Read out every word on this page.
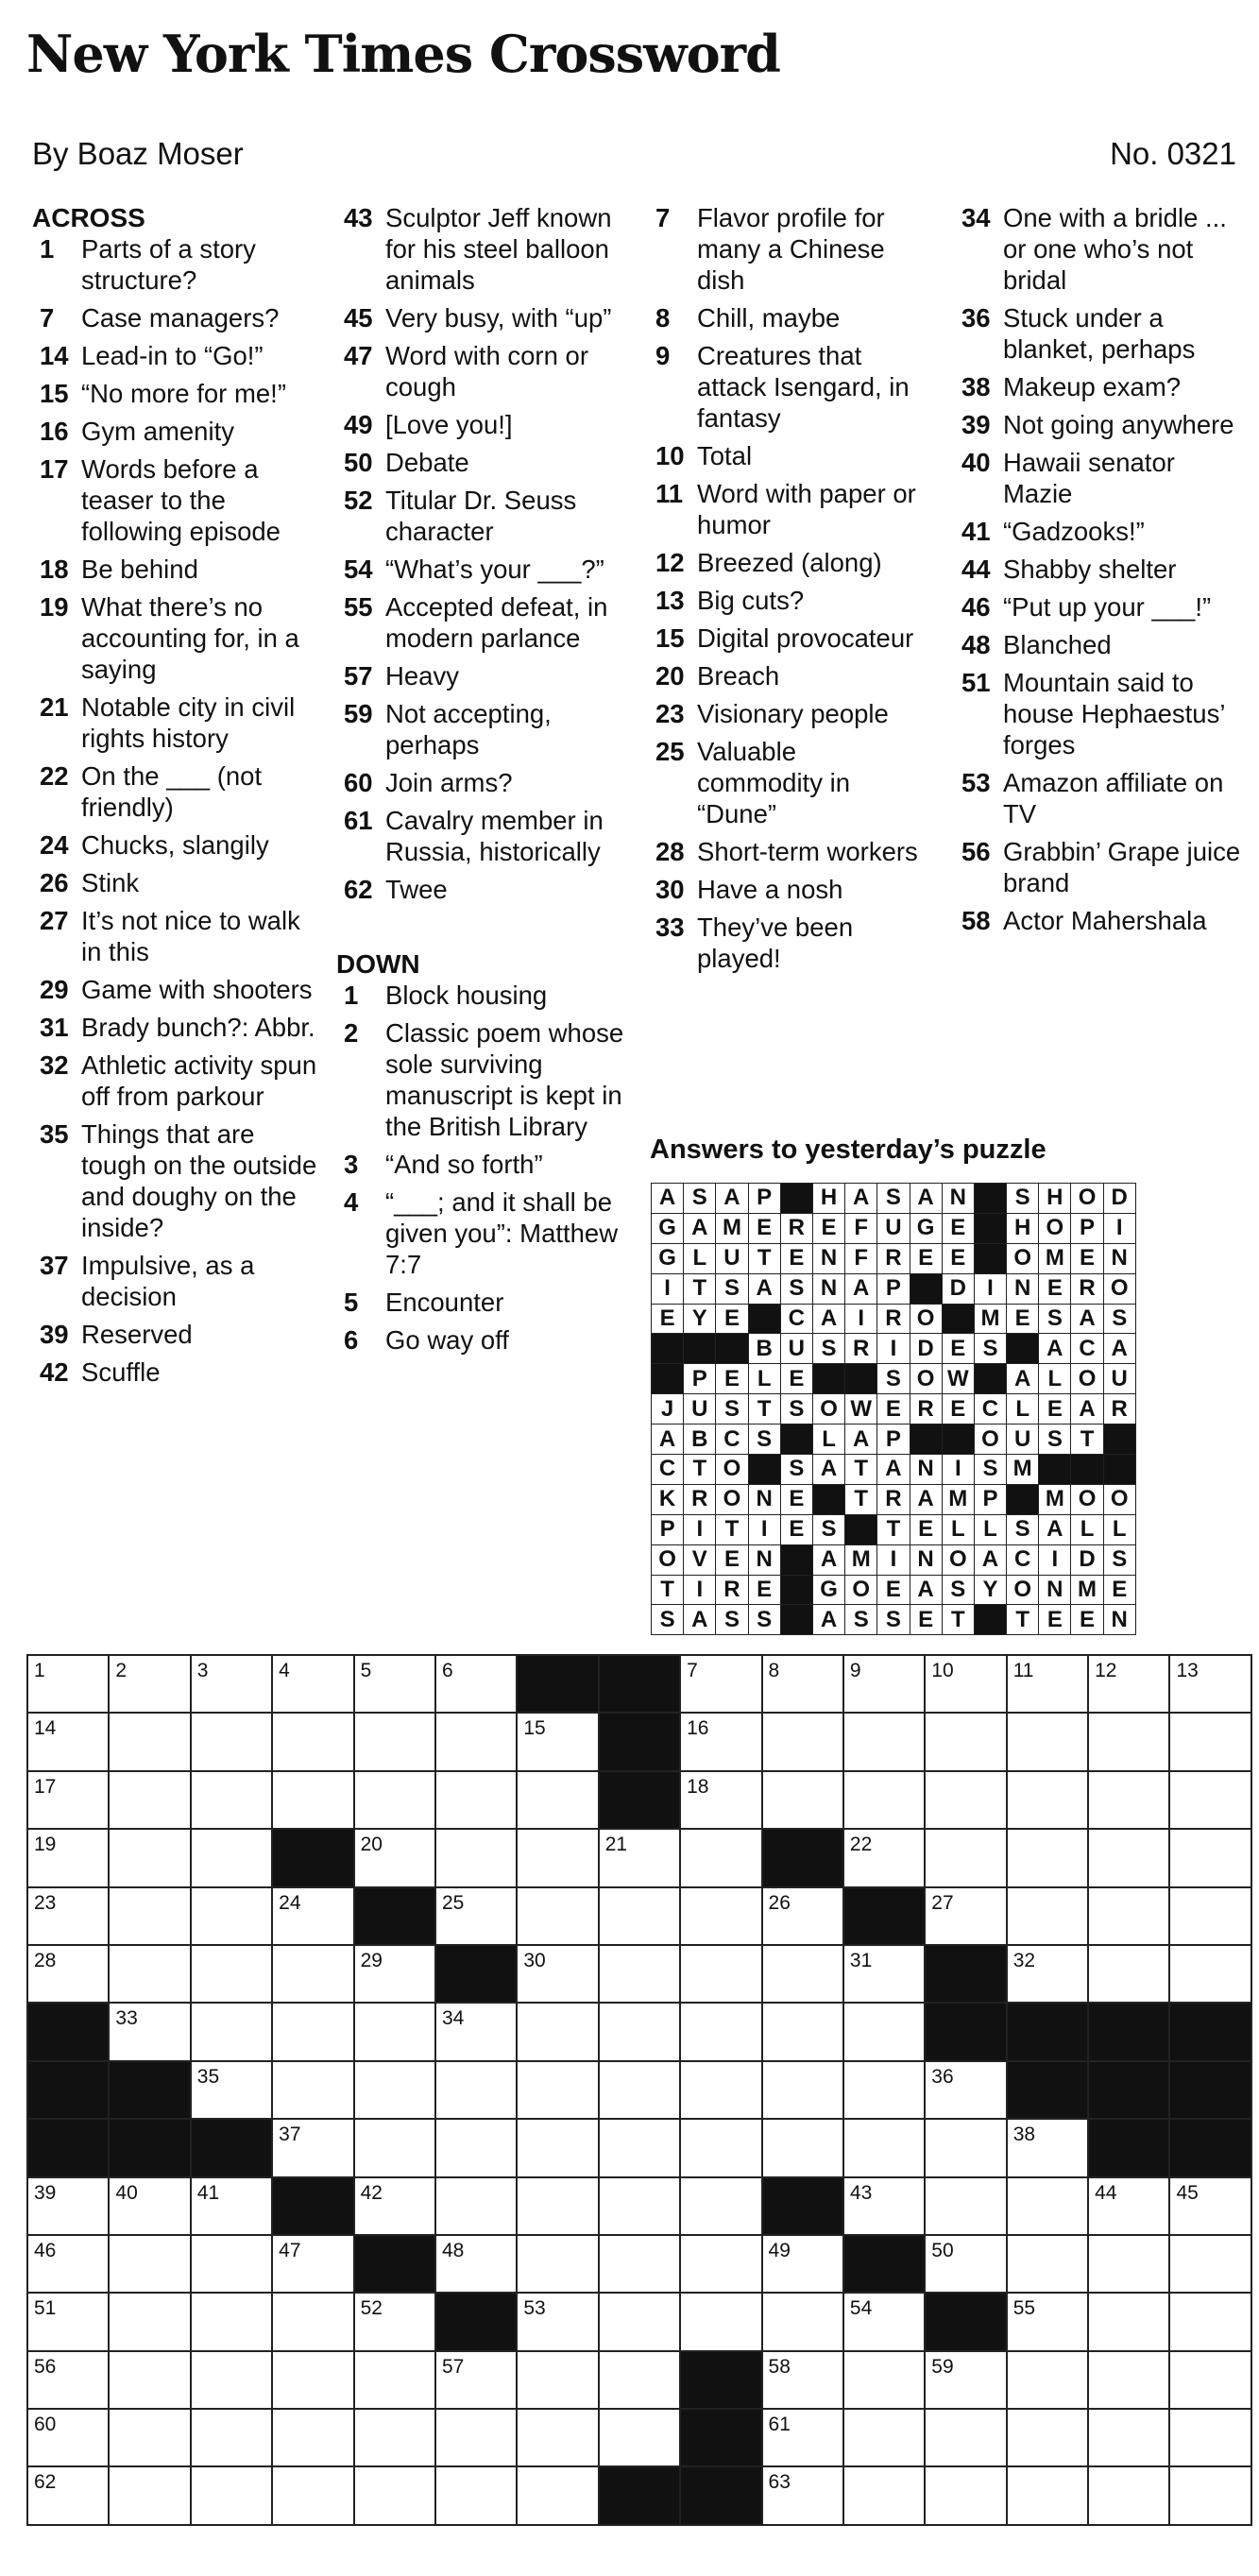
New York Times Crossword
By Boaz Moser	No. 0321
ACROSS
1	Parts of a story structure?
7	Case managers?
14 Lead-in to “Go!”
15 “No more for me!”
16 Gym amenity
17 Words before a teaser to the following episode
18 Be behind
19 What there’s no accounting for, in a saying
21 Notable city in civil rights history
22 On the ___ (not friendly)
24 Chucks, slangily
26 Stink
27 It’s not nice to walk in this
29 Game with shooters
31 Brady bunch?: Abbr.
32 Athletic activity spun off from parkour
35 Things that are tough on the outside and doughy on the inside?
37 Impulsive, as a decision
39 Reserved
42 Scuffle
43 Sculptor Jeff known for his steel balloon animals
45 Very busy, with “up”
47 Word with corn or cough
49 [Love you!]
50 Debate
52 Titular Dr. Seuss character
54 “What’s your ___?”
55 Accepted defeat, in modern parlance
57 Heavy
59 Not accepting, perhaps
60 Join arms?
61 Cavalry member in Russia, historically
62 Twee
DOWN
1	Block housing
2	Classic poem whose sole surviving manuscript is kept in the British Library
3	“And so forth”
4	“___; and it shall be given you”: Matthew 7:7
5	Encounter
6	Go way off
7	Flavor profile for many a Chinese dish
8	Chill, maybe
9	Creatures that attack Isengard, in fantasy
10 Total
11 Word with paper or humor
12 Breezed (along)
13 Big cuts?
15 Digital provocateur
20 Breach
23 Visionary people
25 Valuable commodity in “Dune”
28 Short-term workers
30 Have a nosh
33 They’ve been played!
34 One with a bridle ... or one who’s not bridal
36 Stuck under a blanket, perhaps
38 Makeup exam?
39 Not going anywhere
40 Hawaii senator Mazie
41 “Gadzooks!”
44 Shabby shelter
46 “Put up your ___!”
48 Blanched
51 Mountain said to house Hephaestus’ forges
53 Amazon affiliate on TV
56 Grabbin’ Grape juice brand
58 Actor Mahershala
Answers to yesterday’s puzzle
A	S	A	P		H	A	S	A	N		S	H	O	D
G	A	M	E	R	E	F	U	G	E		H	O	P	I
G	L	U	T	E	N	F	R	E	E		O	M	E	N
I	T	S	A	S	N	A	P		D	I	N	E	R	O
E	Y	E		C	A	I	R	O		M	E	S	A	S
			B	U	S	R	I	D	E	S		A	C	A
	P	E	L	E			S	O	W		A	L	O	U
J	U	S	T	S	O	W	E	R	E	C	L	E	A	R
A	B	C	S		L	A	P			O	U	S	T	
C	T	O		S	A	T	A	N	I	S	M			
K	R	O	N	E		T	R	A	M	P		M	O	O
P	I	T	I	E	S		T	E	L	L	S	A	L	L
O	V	E	N		A	M	I	N	O	A	C	I	D	S
T	I	R	E		G	O	E	A	S	Y	O	N	M	E
S	A	S	S		A	S	S	E	T		T	E	E	N
1	2	3	4	5	6			7	8	9	10	11	12	13

14						15		16						

17								18						

19				20			21			22				

23			24		25				26		27			

28				29		30				31		32		

	33				34									

		35									36			

			37									38		

39	40	41		42						43			44	45

46			47		48				49		50			

51				52		53				54		55		

56					57				58		59			

60									61					

62									63					
